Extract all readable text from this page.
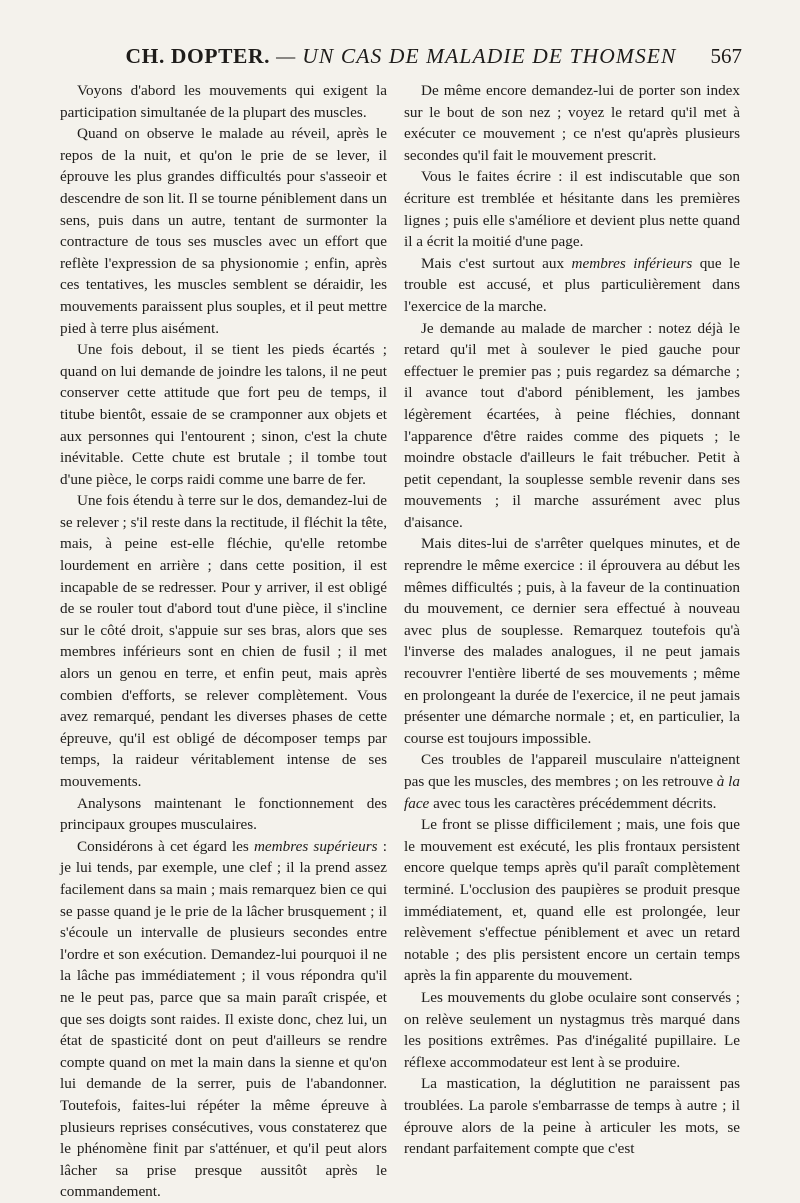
CH. DOPTER. — UN CAS DE MALADIE DE THOMSEN	567

Voyons d'abord les mouvements qui exigent la participation simultanée de la plupart des muscles.

Quand on observe le malade au réveil, après le repos de la nuit, et qu'on le prie de se lever, il éprouve les plus grandes difficultés pour s'asseoir et descendre de son lit. Il se tourne péniblement dans un sens, puis dans un autre, tentant de surmonter la contracture de tous ses muscles avec un effort que reflète l'expression de sa physionomie ; enfin, après ces tentatives, les muscles semblent se déraidir, les mouvements paraissent plus souples, et il peut mettre pied à terre plus aisément.

Une fois debout, il se tient les pieds écartés ; quand on lui demande de joindre les talons, il ne peut conserver cette attitude que fort peu de temps, il titube bientôt, essaie de se cramponner aux objets et aux personnes qui l'entourent ; sinon, c'est la chute inévitable. Cette chute est brutale ; il tombe tout d'une pièce, le corps raidi comme une barre de fer.

Une fois étendu à terre sur le dos, demandez-lui de se relever ; s'il reste dans la rectitude, il fléchit la tête, mais, à peine est-elle fléchie, qu'elle retombe lourdement en arrière ; dans cette position, il est incapable de se redresser. Pour y arriver, il est obligé de se rouler tout d'abord tout d'une pièce, il s'incline sur le côté droit, s'appuie sur ses bras, alors que ses membres inférieurs sont en chien de fusil ; il met alors un genou en terre, et enfin peut, mais après combien d'efforts, se relever complètement. Vous avez remarqué, pendant les diverses phases de cette épreuve, qu'il est obligé de décomposer temps par temps, la raideur véritablement intense de ses mouvements.

Analysons maintenant le fonctionnement des principaux groupes musculaires.

Considérons à cet égard les membres supérieurs : je lui tends, par exemple, une clef ; il la prend assez facilement dans sa main ; mais remarquez bien ce qui se passe quand je le prie de la lâcher brusquement ; il s'écoule un intervalle de plusieurs secondes entre l'ordre et son exécution. Demandez-lui pourquoi il ne la lâche pas immédiatement ; il vous répondra qu'il ne le peut pas, parce que sa main paraît crispée, et que ses doigts sont raides. Il existe donc, chez lui, un état de spasticité dont on peut d'ailleurs se rendre compte quand on met la main dans la sienne et qu'on lui demande de la serrer, puis de l'abandonner. Toutefois, faites-lui répéter la même épreuve à plusieurs reprises consécutives, vous constaterez que le phénomène finit par s'atténuer, et qu'il peut alors lâcher sa prise presque aussitôt après le commandement.

De même encore demandez-lui de porter son index sur le bout de son nez ; voyez le retard qu'il met à exécuter ce mouvement ; ce n'est qu'après plusieurs secondes qu'il fait le mouvement prescrit.

Vous le faites écrire : il est indiscutable que son écriture est tremblée et hésitante dans les premières lignes ; puis elle s'améliore et devient plus nette quand il a écrit la moitié d'une page.

Mais c'est surtout aux membres inférieurs que le trouble est accusé, et plus particulièrement dans l'exercice de la marche.

Je demande au malade de marcher : notez déjà le retard qu'il met à soulever le pied gauche pour effectuer le premier pas ; puis regardez sa démarche ; il avance tout d'abord péniblement, les jambes légèrement écartées, à peine fléchies, donnant l'apparence d'être raides comme des piquets ; le moindre obstacle d'ailleurs le fait trébucher. Petit à petit cependant, la souplesse semble revenir dans ses mouvements ; il marche assurément avec plus d'aisance.

Mais dites-lui de s'arrêter quelques minutes, et de reprendre le même exercice : il éprouvera au début les mêmes difficultés ; puis, à la faveur de la continuation du mouvement, ce dernier sera effectué à nouveau avec plus de souplesse. Remarquez toutefois qu'à l'inverse des malades analogues, il ne peut jamais recouvrer l'entière liberté de ses mouvements ; même en prolongeant la durée de l'exercice, il ne peut jamais présenter une démarche normale ; et, en particulier, la course est toujours impossible.

Ces troubles de l'appareil musculaire n'atteignent pas que les muscles, des membres ; on les retrouve à la face avec tous les caractères précédemment décrits.

Le front se plisse difficilement ; mais, une fois que le mouvement est exécuté, les plis frontaux persistent encore quelque temps après qu'il paraît complètement terminé. L'occlusion des paupières se produit presque immédiatement, et, quand elle est prolongée, leur relèvement s'effectue péniblement et avec un retard notable ; des plis persistent encore un certain temps après la fin apparente du mouvement.

Les mouvements du globe oculaire sont conservés ; on relève seulement un nystagmus très marqué dans les positions extrêmes. Pas d'inégalité pupillaire. Le réflexe accommodateur est lent à se produire.

La mastication, la déglutition ne paraissent pas troublées. La parole s'embarrasse de temps à autre ; il éprouve alors de la peine à articuler les mots, se rendant parfaitement compte que c'est
